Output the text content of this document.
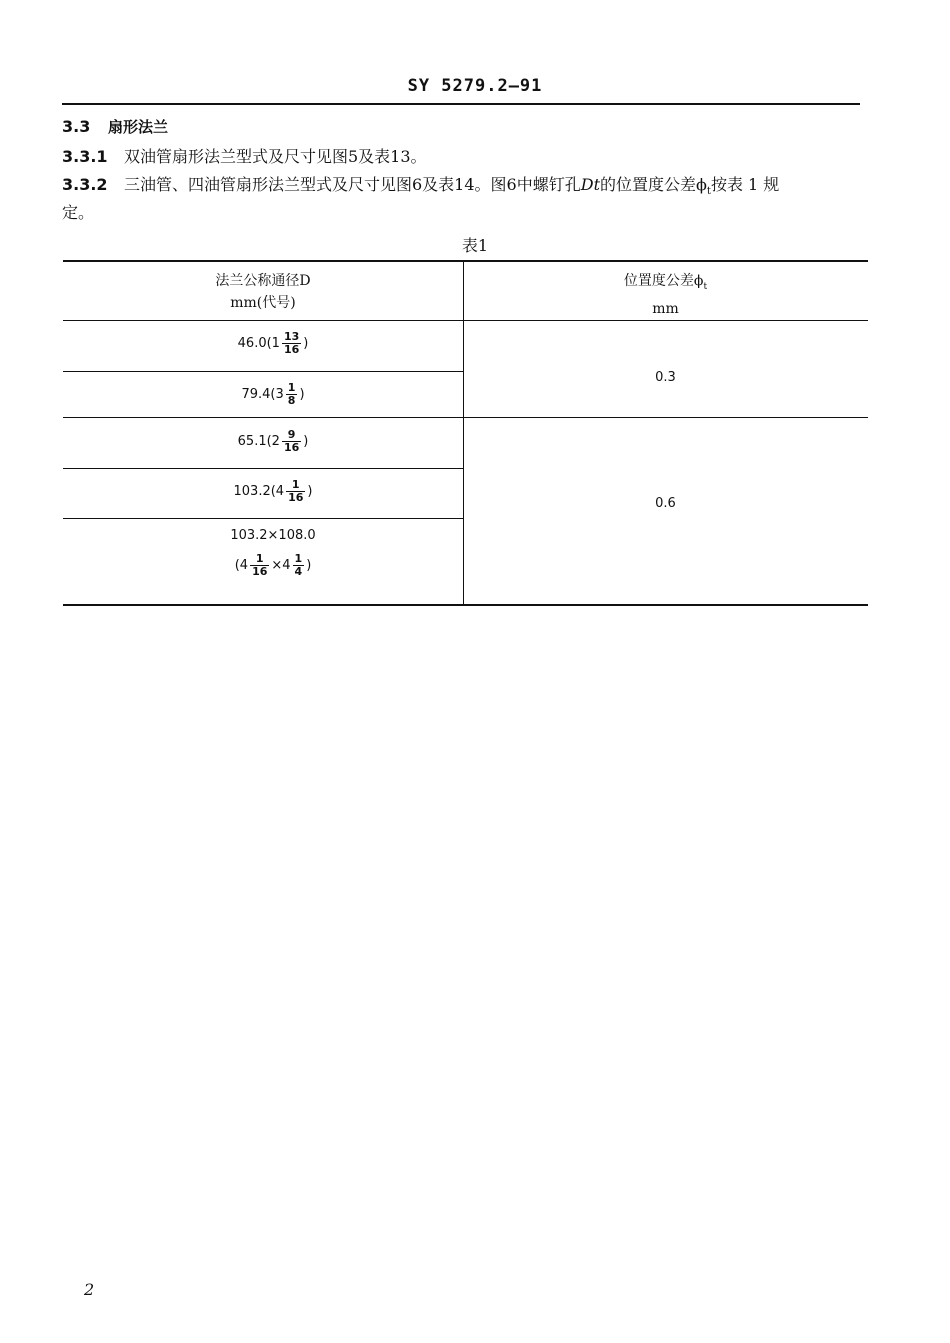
SY 5279.2—91
3.3 扇形法兰
3.3.1 双油管扇形法兰型式及尺寸见图5及表13。
3.3.2 三油管、四油管扇形法兰型式及尺寸见图6及表14。图6中螺钉孔Dt的位置度公差$\phi_t$按表 1 规
定。
表1
法兰公称通径D
mm(代号)
位置度公差$\phi_t$
mm
$46.0(1 \frac{13}{16}$ )
$79.4(3 \frac{1}{8}$ )
$65.1(2 \frac{9}{16}$ )
$103.2(4 \frac{1}{16}$ )
103.2×108.0
($4 \frac{1}{16} \times 4 \frac{1}{4}$ )
0.3
0.6
2
